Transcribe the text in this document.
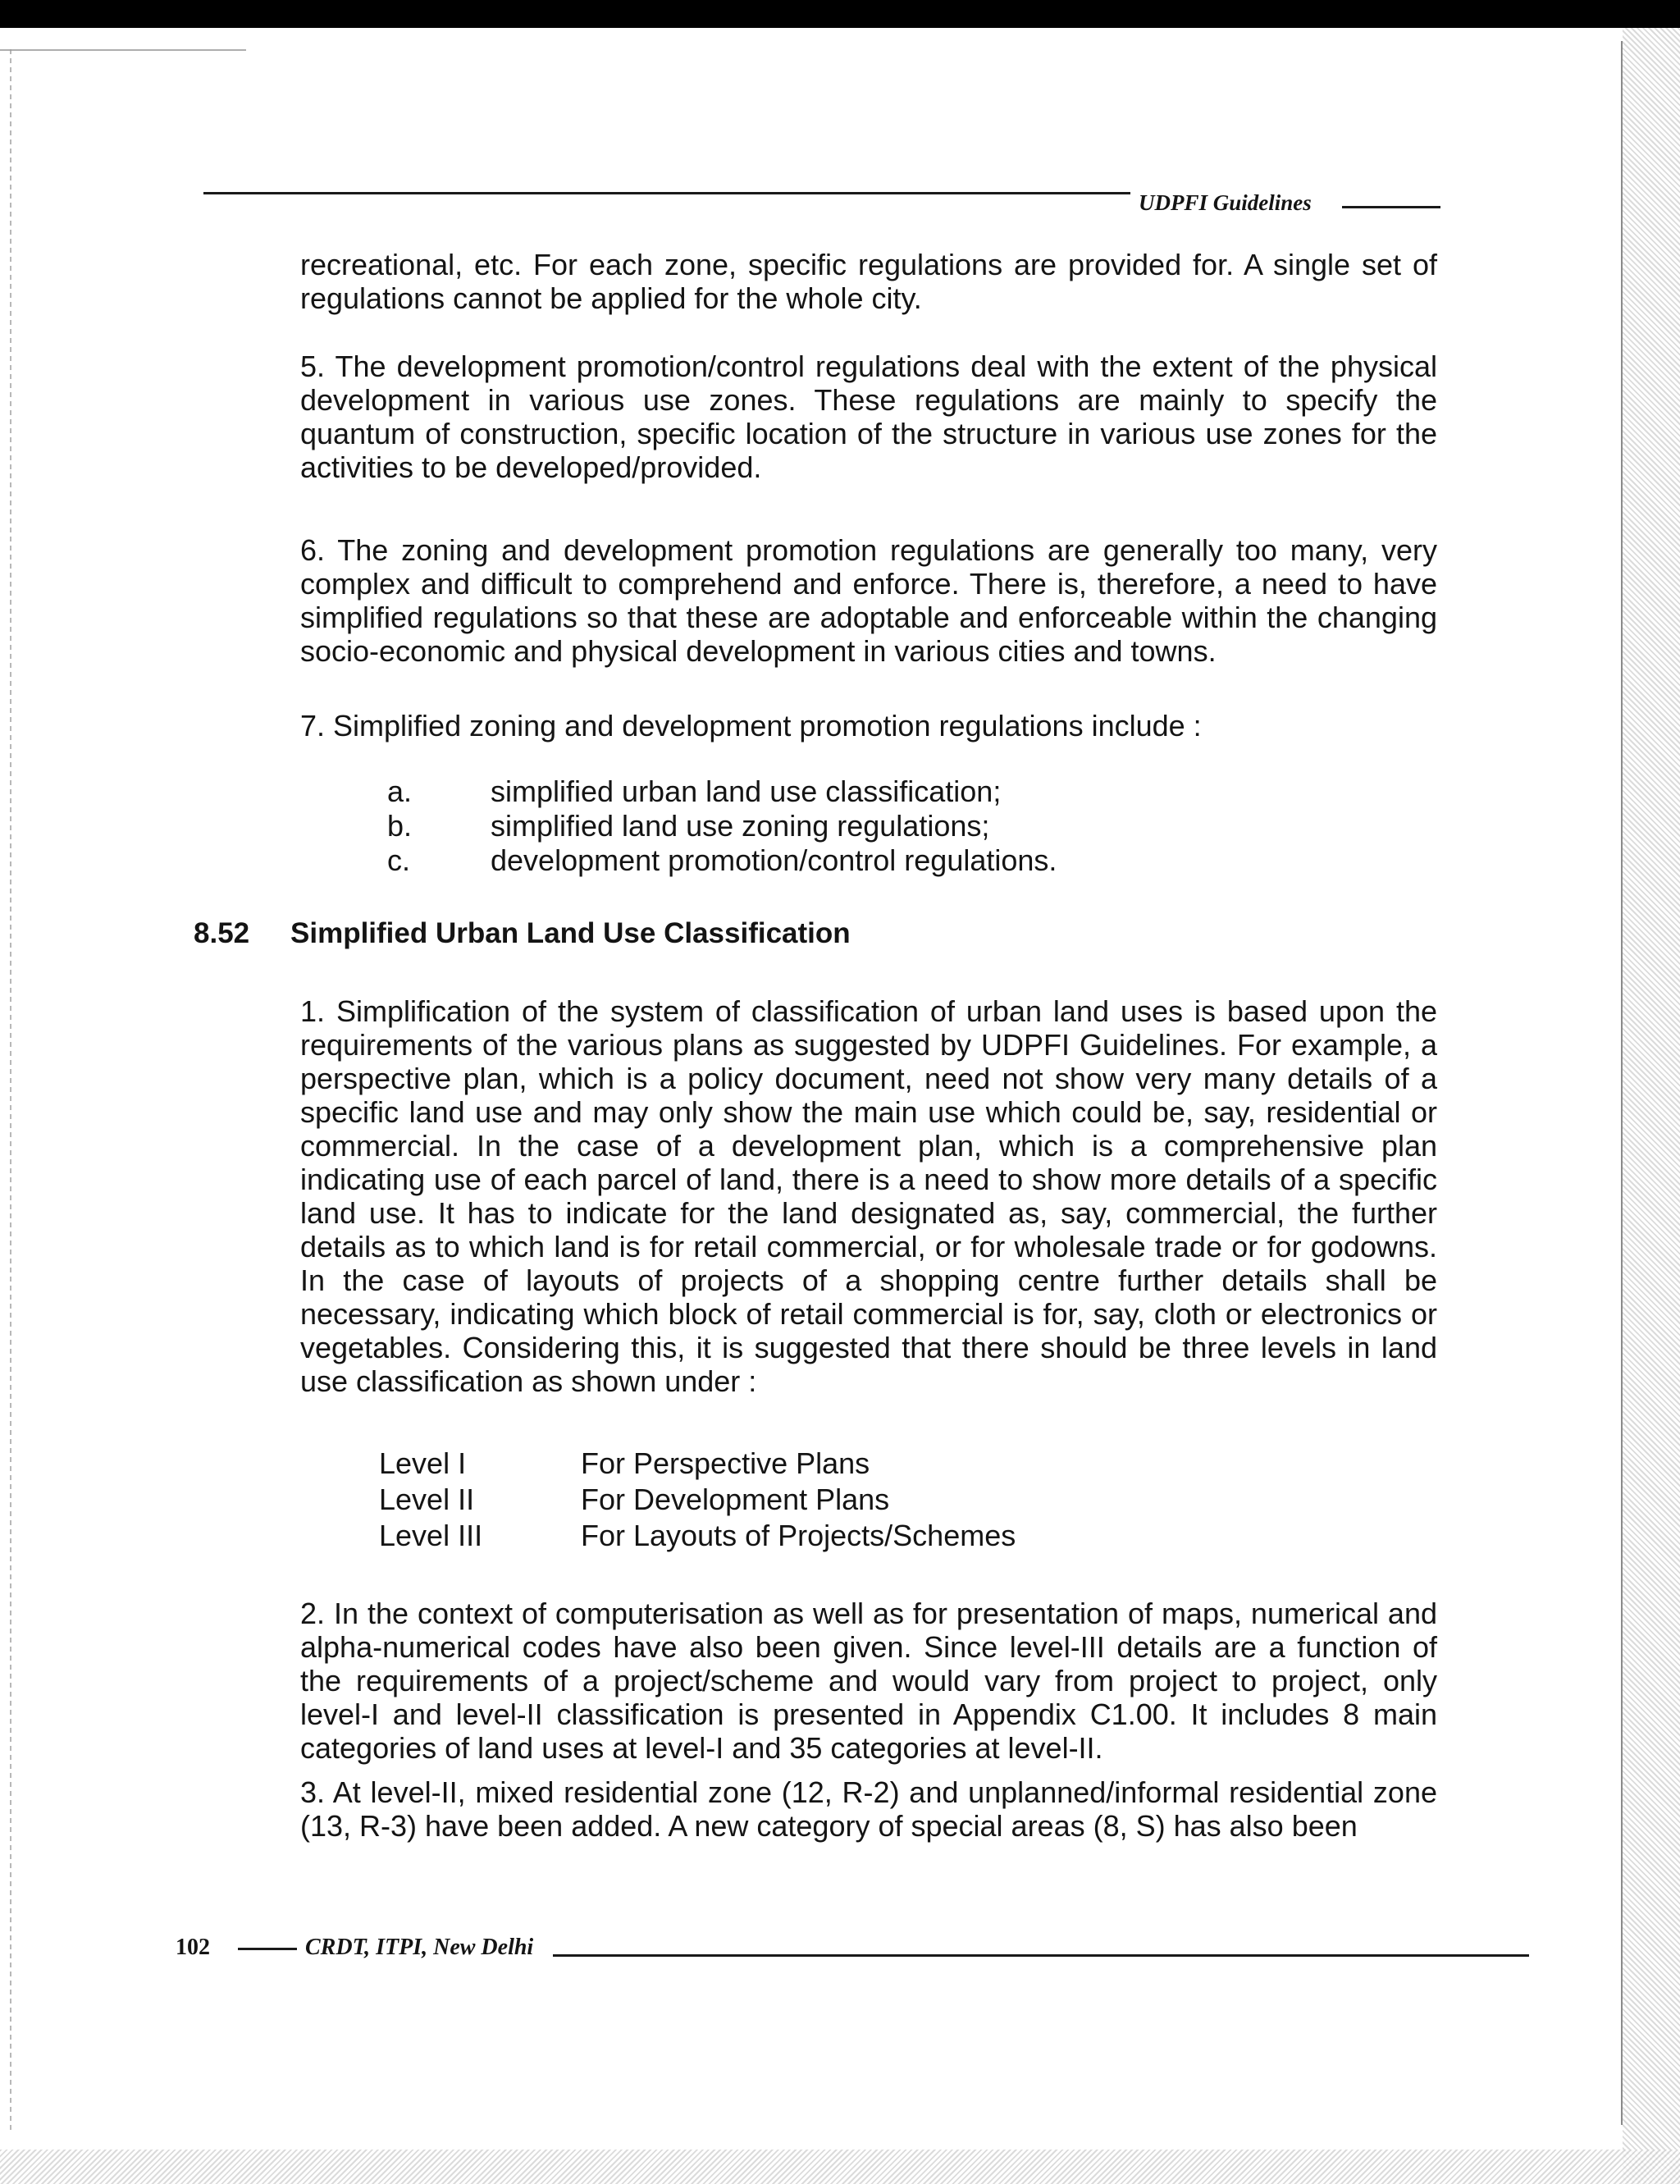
UDPFI Guidelines

recreational, etc. For each zone, specific regulations are provided for. A single set of regulations cannot be applied for the whole city.

5. The development promotion/control regulations deal with the extent of the physical development in various use zones. These regulations are mainly to specify the quantum of construction, specific location of the structure in various use zones for the activities to be developed/provided.

6. The zoning and development promotion regulations are generally too many, very complex and difficult to comprehend and enforce. There is, therefore, a need to have simplified regulations so that these are adoptable and enforceable within the changing socio-economic and physical development in various cities and towns.

7. Simplified zoning and development promotion regulations include :

a.	simplified urban land use classification;
b.	simplified land use zoning regulations;
c.	development promotion/control regulations.
8.52	Simplified Urban Land Use Classification

1. Simplification of the system of classification of urban land uses is based upon the requirements of the various plans as suggested by UDPFI Guidelines. For example, a perspective plan, which is a policy document, need not show very many details of a specific land use and may only show the main use which could be, say, residential or commercial. In the case of a development plan, which is a comprehensive plan indicating use of each parcel of land, there is a need to show more details of a specific land use. It has to indicate for the land designated as, say, commercial, the further details as to which land is for retail commercial, or for wholesale trade or for godowns. In the case of layouts of projects of a shopping centre further details shall be necessary, indicating which block of retail commercial is for, say, cloth or electronics or vegetables. Considering this, it is suggested that there should be three levels in land use classification as shown under :

Level I	For Perspective Plans
Level II	For Development Plans
Level III	For Layouts of Projects/Schemes

2. In the context of computerisation as well as for presentation of maps, numerical and alpha-numerical codes have also been given. Since level-III details are a function of the requirements of a project/scheme and would vary from project to project, only level-I and level-II classification is presented in Appendix C1.00. It includes 8 main categories of land uses at level-I and 35 categories at level-II.

3. At level-II, mixed residential zone (12, R-2) and unplanned/informal residential zone (13, R-3) have been added. A new category of special areas (8, S) has also been

102	CRDT, ITPI, New Delhi
